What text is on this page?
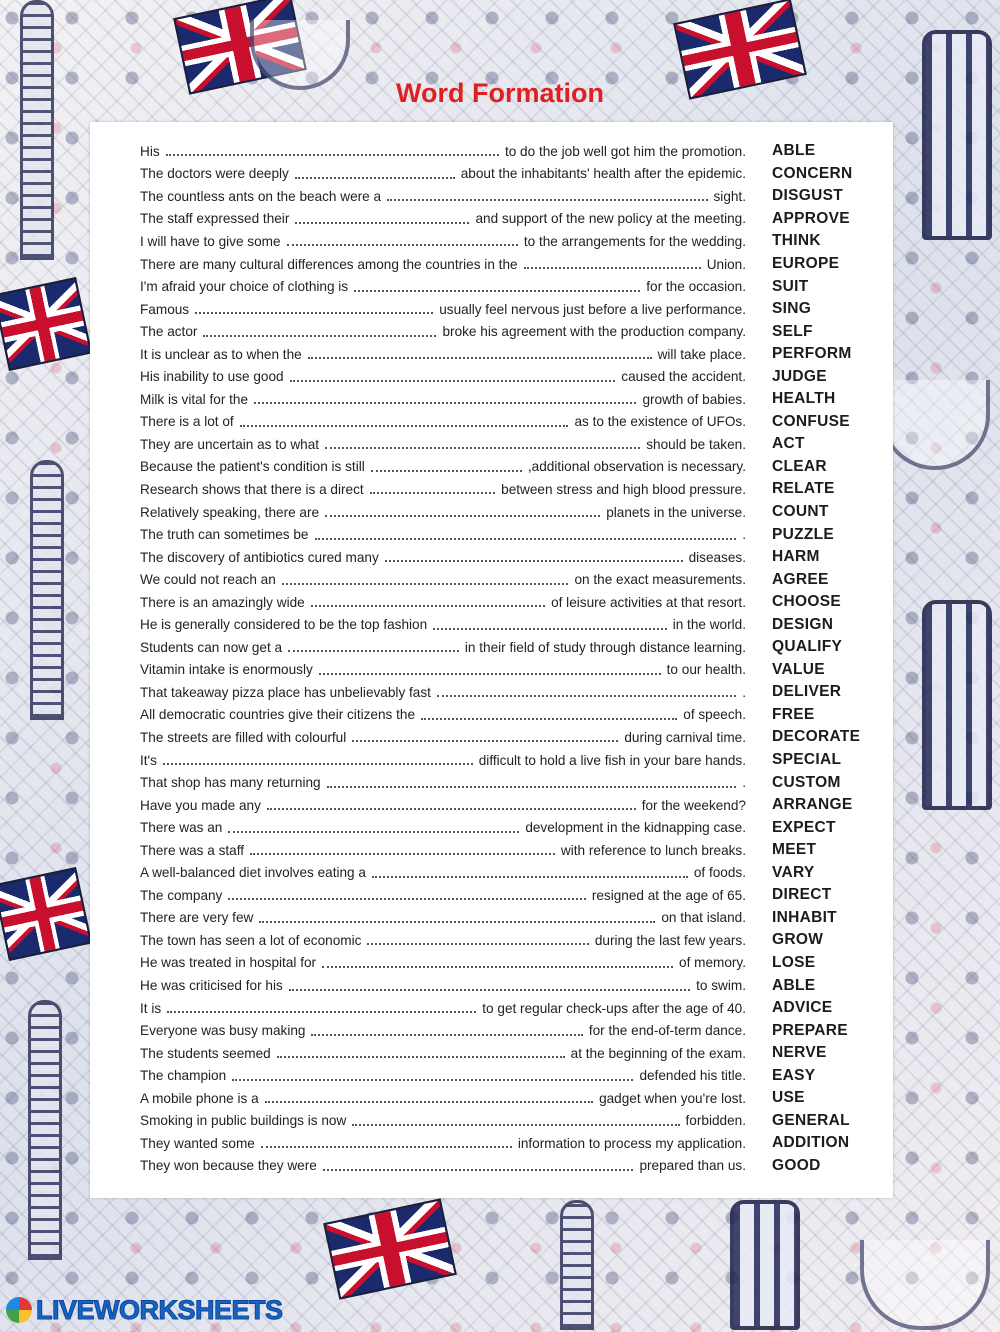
Word Formation
His	to do the job well got him the promotion. ABLE
The doctors were deeply	about the inhabitants' health after the epidemic. CONCERN
The countless ants on the beach were a	sight. DISGUST
The staff expressed their	and support of the new policy at the meeting. APPROVE
I will have to give some	to the arrangements for the wedding. THINK
There are many cultural differences among the countries in the	Union. EUROPE
I'm afraid your choice of clothing is	for the occasion. SUIT
Famous	usually feel nervous just before a live performance. SING
The actor	broke his agreement with the production company. SELF
It is unclear as to when the	will take place. PERFORM
His inability to use good	caused the accident. JUDGE
Milk is vital for the	growth of babies. HEALTH
There is a lot of	as to the existence of UFOs. CONFUSE
They are uncertain as to what	should be taken. ACT
Because the patient's condition is still	,additional observation is necessary. CLEAR
Research shows that there is a direct	between stress and high blood pressure. RELATE
Relatively speaking, there are	planets in the universe. COUNT
The truth can sometimes be	. PUZZLE
The discovery of antibiotics cured many	diseases. HARM
We could not reach an	on the exact measurements. AGREE
There is an amazingly wide	of leisure activities at that resort. CHOOSE
He is generally considered to be the top fashion	in the world. DESIGN
Students can now get a	in their field of study through distance learning. QUALIFY
Vitamin intake is enormously	to our health. VALUE
That takeaway pizza place has unbelievably fast	. DELIVER
All democratic countries give their citizens the	of speech. FREE
The streets are filled with colourful	during carnival time. DECORATE
It's	difficult to hold a live fish in your bare hands. SPECIAL
That shop has many returning	. CUSTOM
Have you made any	for the weekend? ARRANGE
There was an	development in the kidnapping case. EXPECT
There was a staff	with reference to lunch breaks. MEET
A well-balanced diet involves eating a	of foods. VARY
The company	resigned at the age of 65. DIRECT
There are very few	on that island. INHABIT
The town has seen a lot of economic	during the last few years. GROW
He was treated in hospital for	of memory. LOSE
He was criticised for his	to swim. ABLE
It is	to get regular check-ups after the age of 40. ADVICE
Everyone was busy making	for the end-of-term dance. PREPARE
The students seemed	at the beginning of the exam. NERVE
The champion	defended his title. EASY
A mobile phone is a	gadget when you're lost. USE
Smoking in public buildings is now	forbidden. GENERAL
They wanted some	information to process my application. ADDITION
They won because they were	prepared than us. GOOD
LIVEWORKSHEETS
